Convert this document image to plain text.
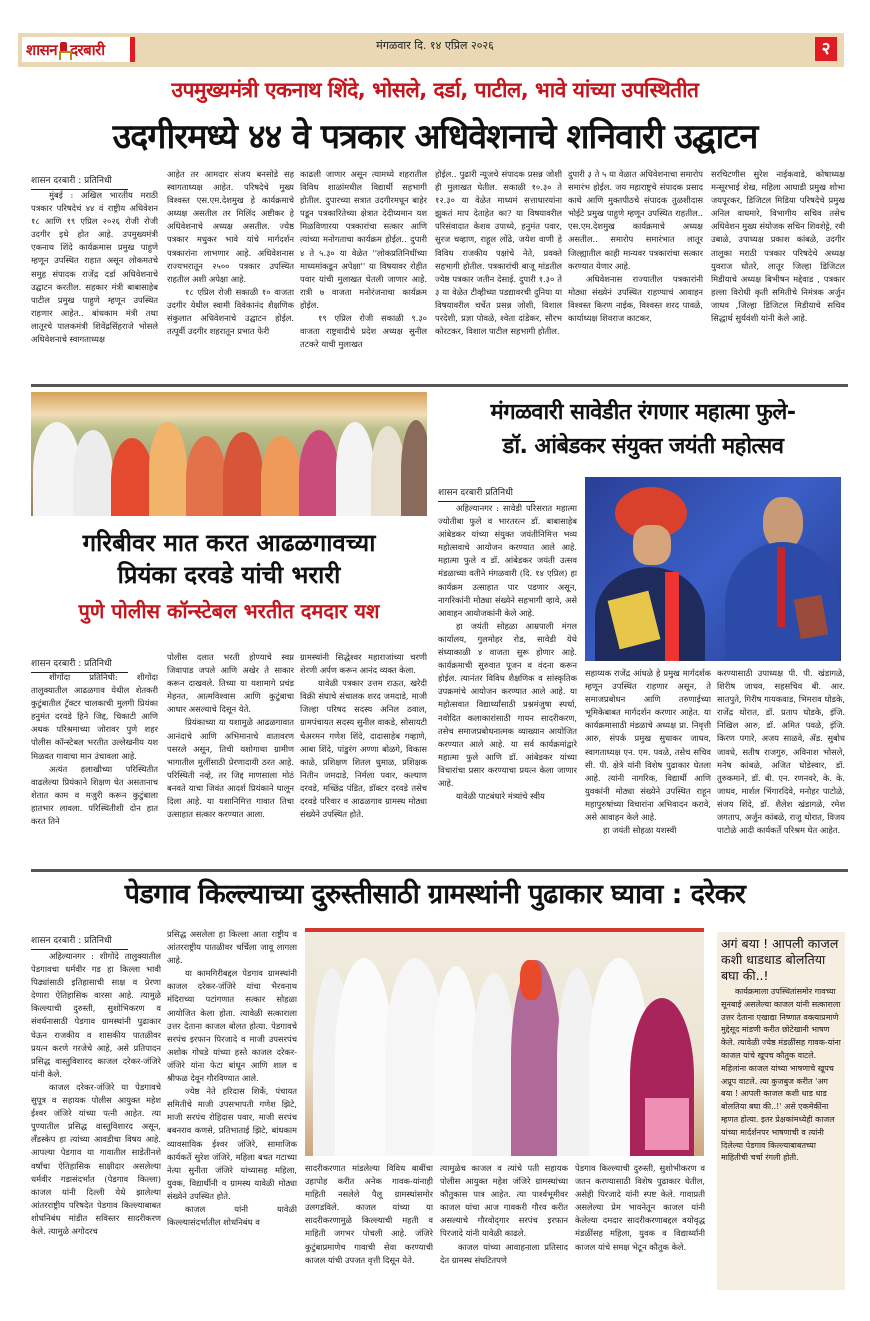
शासन दरबारी	मंगळवार दि. १४ एप्रिल २०२६	२
उपमुख्यमंत्री एकनाथ शिंदे, भोसले, दर्डा, पाटील, भावे यांच्या उपस्थितीत
उदगीरमध्ये ४४ वे पत्रकार अधिवेशनाचे शनिवारी उद्घाटन
शासन दरबारी : प्रतिनिधी

मुंबई : अखिल भारतीय मराठी पत्रकार परिषदेचं ४४ वं राष्ट्रीय अधिवेशन १८ आणि १९ एप्रिल २०२६ रोजी रोजी उदगीर इथे होत आहे. उपमुख्यमंत्री एकनाथ शिंदे कार्यक्रमास प्रमुख पाहुणे म्हणून उपस्थित राहात असून लोकमतचे समुह संपादक राजेंद्र दर्डा अधिवेशनाचे उद्घाटन करतील. सहकार मंत्री बाबासाहेब पाटील प्रमुख पाहुणे म्हणून उपस्थित राहणार आहेत.. बांधकाम मंत्री तथा लातूरचे पालकमंत्री शिवेंद्रसिंहराजे भोसले अधिवेशनाचे स्वागताध्यक्ष

आहेत तर आमदार संजय बनसोडे सह स्वागताध्यक्ष आहेत. परिषदेचे मुख्य विश्वस्त एस.एम.देशमुख हे कार्यक्रमाचे अध्यक्ष असतील तर मिलिंद अष्टीकर हे अधिवेशनाचे अध्यक्ष असतील. ज्येष्ठ पत्रकार मधुकर भावे यांचे मार्गदर्शन पत्रकारांना लाभणार आहे. अधिवेशनास राज्यभरातून २५०० पत्रकार उपस्थित राहतील अशी अपेक्षा आहे.

१८ एप्रिल रोजी सकाळी १० वाजता उदगीर येथील स्वामी विवेकानंद शैक्षणिक संकुलात अधिवेशनाचे उद्घाटन होईल. तत्पूर्वी उदगीर शहरातून प्रभात फेरी

काढली जाणार असून त्यामध्ये शहरातील विविध शाळांमधील विद्यार्थी सहभागी होतील. दुपारच्या सत्रात उदगीरमधून बाहेर पडून पत्रकारितेच्या क्षेत्रात देदीप्यमान यश मिळविणारया पत्रकारांचा सत्कार आणि त्यांच्या मनोगताचा कार्यक्रम होईल.. दुपारी ४ ते ५.३० या वेळेत ''लोकप्रतिनिधींच्या माध्यमांकडून अपेक्षा'' या विषयावर रोहीत पवार यांची मुलाखत घेतली जाणार आहे. रात्री ७ वाजता मनोरंजनाचा कार्यक्रम होईल.

१९ एप्रिल रोजी सकाळी ९.३० वाजता राष्ट्रवादीचे प्रदेश अध्यक्ष सुनील तटकरे याची मुलाखत

होईल.. पुढारी न्यूजचे संपादक प्रसन्न जोशी ही मुलाखत घेतील. सकाळी १०.३० ते १२.३० या वेळेत माध्यमं सत्ताधारयांना झुकतं माप देताहेत का? या विषयावरील परिसंवादात केशव उपाध्ये, हनुमंत पवार, सुरज चव्हाण, राहूल लोंढे, जयेश वाणी हे विविध राजकीय पक्षांचे नेते, प्रवक्ते सहभागी होतील. पत्रकारांची बाजू मांडतील ज्येष्ठ पत्रकार जतीन देसाई. दुपारी १.३० ते ३ या वेळेत टीव्हीच्या पडद्यावरची दुनिया या विषयावरील चर्चेत प्रसन्न जोशी, विशाल परदेशी, प्रज्ञा पोवळे, श्वेता दांडेकर, सौरभ कोरटकर, विशाल पाटील सहभागी होतील.

दुपारी ३ ते ५ या वेळात अधिवेशनाचा समारोप समारंभ होईल. जय महाराष्ट्रचे संपादक प्रसाद काथे आणि मुक्तपीठचे संपादक तुळशीदास भोईटे प्रमुख पाहुणे म्हणून उपस्थित राहतील.. एस.एम.देशमुख कार्यक्रमाचे अध्यक्ष असतील.. समारोप समारंभात लातूर जिल्ह्यातील काही मान्यवर पत्रकारांचा सत्कार करण्यात येणार आहे.

अधिवेशनास राज्यातील पत्रकारांनी मोठ्या संख्येनं उपस्थित राहण्याचं आवाहन विश्वस्त किरण नाईक, विश्वस्त शरद पावळे, कार्याध्यक्ष शिवराज काटकर,

सरचिटणीस सुरेश नाईकवाडे, कोषाध्यक्ष मन्सूरभाई शेख, महिला आघाडी प्रमुख शोभा जयपूरकर, डिजिटल मिडिया परिषदेचे प्रमुख अनिल वाघमारे, विभागीय सचिव तसेच अधिवेशन मुख्य संयोजक सचिन शिवशेट्टे, रवी उबाळे, उपाध्यक्ष प्रकाश कांबळे, उदगीर तालुका मराठी पत्रकार परिषदेचे अध्यक्ष युवराज धोतरे, लातूर जिल्हा डिजिटल मिडीयाचे अध्यक्ष बिभीषन मद्देवाड , पत्रकार हल्ला विरोधी कृती समितीचे निमंत्रक अर्जुन जाधव ,जिल्हा डिजिटल मिडीयाचे सचिव सिद्धार्थ सुर्यवंशी यांनी केले आहे.

गरिबीवर मात करत आढळगावच्या
प्रियंका दरवडे यांची भरारी
पुणे पोलीस कॉन्स्टेबल भरतीत दमदार यश
शासन दरबारी : प्रतिनिधी

शीगोंदा प्रतिनिधी: शीगोंदा तालुक्यातील आढळगाव येथील शेतकरी कुटुंबातील ट्रॅक्टर चालकाची मुलगी प्रियंका हनुमंत दरवडे हिने जिद्द, चिकाटी आणि अथक परिश्रमाच्या जोरावर पुणे शहर पोलीस कॉन्स्टेबल भरतीत उल्लेखनीय यश मिळवत गावाचा मान उंचावला आहे.

अत्यंत हलाखीच्या परिस्थितीत वाढलेल्या प्रियंकाने शिक्षण घेत असतानाच शेतात काम व मजुरी करून कुटुंबाला हातभार लावला. परिस्थितीशी दोन हात करत तिने

पोलीस दलात भरती होण्याचे स्वप्न जिवापाड जपले आणि अखेर ते साकार करून दाखवले. तिच्या या यशामागे प्रचंड मेहनत, आत्मविश्वास आणि कुटुंबाचा आधार असल्याचे दिसून येते.

प्रियंकाच्या या यशामुळे आढळगावात आनंदाचे आणि अभिमानाचे वातावरण पसरले असून, तिची यशोगाथा ग्रामीण भागातील मुलींसाठी प्रेरणादायी ठरत आहे. परिस्थिती नव्हे, तर जिद्द माणसाला मोठं बनवते याचा जिवंत आदर्श प्रियंकाने घालून दिला आहे. या यशानिमित्त गावात तिचा उत्साहात सत्कार करण्यात आला.

ग्रामस्थांनी सिद्धेश्वर महाराजांच्या चरणी शेरणी अर्पण करून आनंद व्यक्त केला.

यावेळी पत्रकार उत्तम राऊत, खरेदी विक्री संघाचे संचालक शरद जमदाडे, माजी जिल्हा परिषद सदस्य अनिल ठवाल, ग्रामपंचायत सदस्य सुनील वाकडे, सोसायटी चेअरमन गणेश शिंदे, दादासाहेब गव्हाणे, आबा शिंदे, पांडुरंग अण्णा बोळगे, विकास काळे, प्रशिक्षण शितल धुमाळ, प्रशिक्षक नितीन जमदाडे, निर्मला पवार, कल्याण दरवडे, मच्छिंद्र पंडित, डॉक्टर दरवडे तसेच दरवडे परिवार व आढळगाव ग्रामस्थ मोठ्या संख्येने उपस्थित होते.

मंगळवारी सावेडीत रंगणार महात्मा फुले-
डॉ. आंबेडकर संयुक्त जयंती महोत्सव
शासन दरबारी प्रतिनिधी

अहिल्यानगर : सावेडी परिसरात महात्मा ज्योतीबा फुले व भारतरत्न डॉ. बाबासाहेब आंबेडकर यांच्या संयुक्त जयंतीनिमित्त भव्य महोत्सवाचे आयोजन करण्यात आले आहे. महात्मा फुले व डॉ. आंबेडकर जयंती उत्सव मंडळाच्या वतीने मंगळवारी (दि. १४ एप्रिल) हा कार्यक्रम उत्साहात पार पडणार असून, नागरिकांनी मोठ्या संख्येने सहभागी व्हावे, असे आवाहन आयोजकांनी केले आहे.

हा जयंती सोहळा आम्रपाली मंगल कार्यालय, गुलमोहर रोड, सावेडी येथे संध्याकाळी ४ वाजता सुरू होणार आहे. कार्यक्रमाची सुरुवात पूजन व वंदना करून होईल. त्यानंतर विविध शैक्षणिक व सांस्कृतिक उपक्रमांचे आयोजन करण्यात आले आहे. या महोत्सवात विद्यार्थ्यांसाठी प्रश्नमंजुषा स्पर्धा, नवोदित कलाकारांसाठी गायन सादरीकरण, तसेच समाजप्रबोधनात्मक व्याख्यान आयोजित करण्यात आले आहे. या सर्व कार्यक्रमांद्वारे महात्मा फुले आणि डॉ. आंबेडकर यांच्या विचारांचा प्रसार करण्याचा प्रयत्न केला जाणार आहे.

यावेळी पाटबंधारे मंत्र्यांचे स्वीय

सहाय्यक राजेंद्र आंधळे हे प्रमुख मार्गदर्शक म्हणून उपस्थित राहणार असून, ते समाजप्रबोधन आणि तरुणाईच्या भूमिकेबाबत मार्गदर्शन करणार आहेत. या कार्यक्रमासाठी मंडळाचे अध्यक्ष प्रा. निवृत्ती आरु, संपर्क प्रमुख सुधाकर जाधव, स्वागताध्यक्ष एन. एम. पवळे, तसेच सचिव सी. पी. क्षेत्रे यांनी विशेष पुढाकार घेतला आहे. त्यांनी नागरिक, विद्यार्थी आणि युवकांनी मोठ्या संख्येने उपस्थित राहून महापुरुषांच्या विचारांना अभिवादन करावे, असे आवाहन केले आहे.

हा जयंती सोहळा यशस्वी

करण्यासाठी उपाध्यक्ष पी. पी. खंडागळे, शिरीष जाधव, सहसचिव बी. आर. सातपुते, गिरीष गायकवाड, भिमराव घोडके, राजेंद्र थोरात, डॉ. प्रताप घोडके, इंजि. निखिल आरु, डॉ. अमित पवळे, इंजि. किरण पगारे, अजय साळवे, ॲड. सुबोध जावधे, सतीष राजगुरु, अविनाश भोसले, मनेष कांबळे, अजित घोडेस्वार, डॉ. तुरुकमाने, डॉ. बी. एन. रणनवरे, के. के. जाधव, मार्शल भिंगारदिवे, मनोहर पाटोळे, संजय शिंदे, डॉ. शैलेश खंडागळे, रमेश जगताप, अर्जुन कांबळे, राजु थोरात, विजय पाटोळे आदी कार्यकर्ते परिश्रम घेत आहेत.

पेडगाव किल्ल्याच्या दुरुस्तीसाठी ग्रामस्थांनी पुढाकार घ्यावा : दरेकर
शासन दरबारी : प्रतिनिधी

अहिल्यानगर : शीगोंदे तालुक्यातील पेडगावचा धर्मवीर गड हा किल्ला भावी पिढ्यांसाठी इतिहासाची साक्ष व प्रेरणा देणारा ऐतिहासिक वारसा आहे. त्यामुळे किल्ल्याची दुरुस्ती, सुशोभिकरण व संवर्धनासाठी पेडगाव ग्रामस्थांनी पुढाकार घेऊन राजकीय व शासकीय पातळीवर प्रयत्न करणे गरजेचे आहे, असे प्रतिपादन प्रसिद्ध वास्तुविशारद काजल दरेकर-जंजिरे यांनी केले.

काजल दरेकर-जंजिरे या पेडगावचे सुपूत्र व सहायक पोलीस आयुक्त महेश ईश्वर जंजिरे यांच्या पत्नी आहेत. त्या पुण्यातील प्रसिद्ध वास्तुविशारद असून, लँडस्केप हा त्यांच्या आवडीचा विषय आहे. आपल्या पेडगाव या गावातील साडेतीनशे वर्षांचा ऐतिहासिक साक्षीदार असलेल्या धर्मवीर गडासंदर्भात (पेडगाव किल्ला) काजल यांनी दिल्ली येथे झालेल्या आंतरराष्ट्रीय परिषदेत पेडगाव किल्ल्याबाबत शोधनिबंध मांडीत सविस्तर सादरीकरण केले. त्यामुळे अगोदरच

प्रसिद्ध असलेला हा किल्ला आता राष्ट्रीय व आंतरराष्ट्रीय पातळीवर चर्चिला जावू लागला आहे.

या कामगिरीबद्दल पेडगाव ग्रामस्थांनी काजल दरेकर-जंजिरे यांचा भैरवनाथ मंदिराच्या पटांगणात सत्कार सोहळा आयोजित केला होता. त्यावेळी सत्काराला उत्तर देताना काजल बोलत होत्या. पेडगावचे सरपंच इरफान पिरजादे व माजी उपसरपंच अशोक गोधडे यांच्या हस्ते काजल दरेकर-जंजिरे यांना फेटा बांधून आणि शाल व श्रीफळ देवून गौरविण्यात आले.

ज्येष्ठ नेते हरिदास शिर्के, पंचायत समितीचे माजी उपसभापती गणेश झिटे, माजी सरपंच रोहिदास पवार, माजी सरपंच बबनराव कणसे, प्रतिभाताई झिटे, बांधकाम व्यावसायिक ईश्वर जंजिरे, सामाजिक कार्यकर्ते सुरेश जंजिरे, महिला बचत गटाच्या नेत्या सुनीता जंजिरे यांच्यासह महिला, युवक, विद्यार्थीनी व ग्रामस्थ यावेळी मोठ्या संख्येने उपस्थित होते.

काजल यांनी यावेळी किल्ल्यासंदर्भातील शोधनिबंध व

सादरीकरणात मांडलेल्या विविध बाबींचा उहापोह करीत अनेक गावक-यांनाही माहिती नसलेले पैलू ग्रामस्थांसमोर उलगडविले. काजल यांच्या या सादरीकरणामुळे किल्ल्याची महती व माहिती जगभर पोचली आहे. जंजिरे कुटुंबाप्रमाणेच गावाची सेवा करण्याची काजल यांची उपजत वृत्ती दिसून येते.

त्यामुळेच काजल व त्यांचे पती सहायक पोलीस आयुक्त महेश जंजिरे ग्रामस्थांच्या कौतुकास पात्र आहेत. त्या पार्श्वभूमीवर काजल यांचा आज गावकरी गौरव करीत असल्याचे गौरवोद्‌गार सरपंच इरफान पिरजादे यांनी यावेळी काढले.

काजल यांच्या आवाहनाला प्रतिसाद देत ग्रामस्थ संघटितपणे

पेडगाव किल्ल्याची दुरुस्ती, सुशोभीकरण व जतन करण्यासाठी विशेष पुढाकार घेतील, असेही पिरजादे यांनी स्पष्ट केले. गावाप्रती असलेल्या प्रेम भावनेतून काजल यांनी केलेल्या दमदार सादरीकरणाबद्दल वयोवृद्ध मंडळींसह महिला, युवक व विद्यार्थ्यांनी काजल यांचे समक्ष भेटून कौतुक केले.

अगं बया ! आपली काजल कशी धाडधाड बोलतिया बघा की..!

कार्यक्रमाला उपस्थितांसमोर गावच्या सूनबाई असलेल्या काजल यांनी सत्काराला उत्तर देताना एखाद्या निष्णात वक्त्याप्रमाणे मुद्देसूद मांडणी करीत छोटेखानी भाषण केले. त्यावेळी ज्येष्ठ मंडळींसह गावक-यांना काजल यांचे खूपच कौतुक वाटले. महिलांना काजल यांच्या भाषणाचे खूपच अप्रूप वाटले. त्या कुजबुज करीत 'अग बया ! आपली काजल कशी धाड धाड बोलतिया बघा की..!' असे एकमेकींना म्हणत होत्या. इतर प्रेक्षकांमध्येही काजल यांच्या मार्दर्शनपर भाषणाची व त्यांनी दिलेल्या पेडगाव किल्ल्याबाबतच्या माहितीची चर्चा रंगली होती.
